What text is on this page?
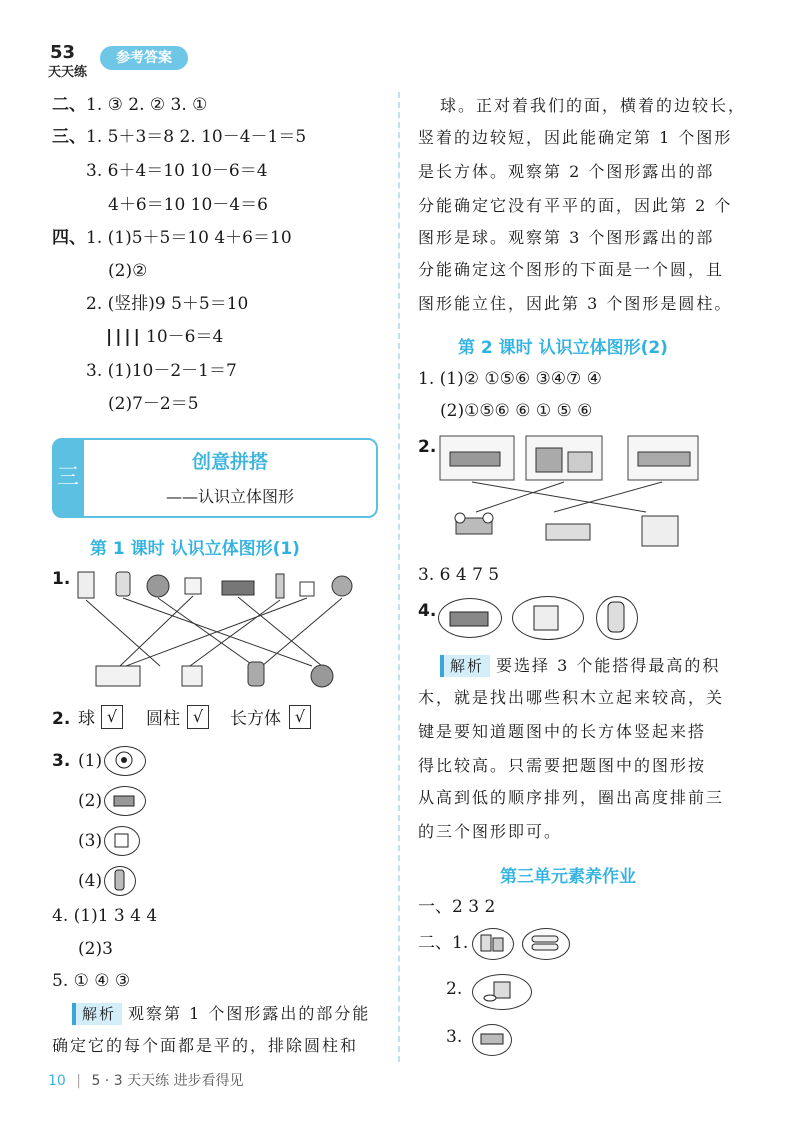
53
天天练
参考答案
二、 1. ③ 2. ② 3. ①
三、 1. 5＋3＝8 2. 10－4－1＝5
3. 6＋4＝10 10－6＝4
4＋6＝10 10－4＝6
四、 1. (1)5＋5＝10 4＋6＝10
(2)②
2. (竖排)9 5＋5＝10
|||| 10－6＝4
3. (1)10－2－1＝7
(2)7－2＝5
三
创意拼搭
——认识立体图形
第 1 课时 认识立体图形(1)
1.
2. 球 √	圆柱 √	长方体 √
3. (1)
(2)
(3)
(4)
4. (1)1 3 4 4
(2)3
5. ① ④ ③
解析 观察第 1 个图形露出的部分能
确定它的每个面都是平的，排除圆柱和
球。正对着我们的面，横着的边较长，
竖着的边较短，因此能确定第 1 个图形
是长方体。观察第 2 个图形露出的部
分能确定它没有平平的面，因此第 2 个
图形是球。观察第 3 个图形露出的部
分能确定这个图形的下面是一个圆，且
图形能立住，因此第 3 个图形是圆柱。
第 2 课时 认识立体图形(2)
1. (1)② ①⑤⑥ ③④⑦ ④
(2)①⑤⑥ ⑥ ① ⑤ ⑥
2.
3. 6 4 7 5
4.
解析 要选择 3 个能搭得最高的积
木，就是找出哪些积木立起来较高，关
键是要知道题图中的长方体竖起来搭
得比较高。只需要把题图中的图形按
从高到低的顺序排列，圈出高度排前三
的三个图形即可。
第三单元素养作业
一、2 3 2
二、1.
2.
3.
10 | 5 · 3 天天练 进步看得见
